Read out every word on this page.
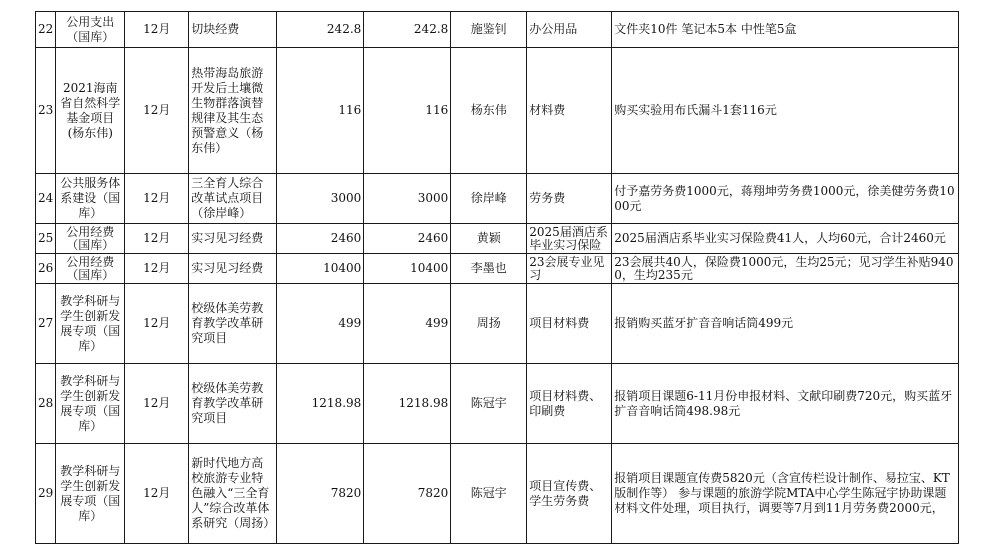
22	公用支出（国库）	12月	切块经费	242.8	242.8	施鉴钊	办公用品	文件夹10件 笔记本5本 中性笔5盒
23	2021海南省自然科学基金项目(杨东伟)	12月	热带海岛旅游开发后土壤微生物群落演替规律及其生态预警意义（杨东伟）	116	116	杨东伟	材料费	购买实验用布氏漏斗1套116元
24	公共服务体系建设（国库）	12月	三全育人综合改革试点项目（徐岸峰）	3000	3000	徐岸峰	劳务费	付予嘉劳务费1000元，蒋翔坤劳务费1000元，徐美健劳务费1000元
25	公用经费（国库）	12月	实习见习经费	2460	2460	黄颖	2025届酒店系毕业实习保险	2025届酒店系毕业实习保险费41人，人均60元，合计2460元
26	公用经费（国库）	12月	实习见习经费	10400	10400	李墨也	23会展专业见习	23会展共40人，保险费1000元，生均25元；见习学生补贴9400，生均235元
27	教学科研与学生创新发展专项（国库）	12月	校级体美劳教育教学改革研究项目	499	499	周扬	项目材料费	报销购买蓝牙扩音音响话筒499元
28	教学科研与学生创新发展专项（国库）	12月	校级体美劳教育教学改革研究项目	1218.98	1218.98	陈冠宇	项目材料费、印刷费	报销项目课题6-11月份申报材料、文献印刷费720元，购买蓝牙扩音音响话筒498.98元
29	教学科研与学生创新发展专项（国库）	12月	新时代地方高校旅游专业特色融入“三全育人”综合改革体系研究（周扬）	7820	7820	陈冠宇	项目宣传费、学生劳务费	报销项目课题宣传费5820元（含宣传栏设计制作、易拉宝、KT版制作等） 参与课题的旅游学院MTA中心学生陈冠宇协助课题材料文件处理，项目执行，调要等7月到11月劳务费2000元，
